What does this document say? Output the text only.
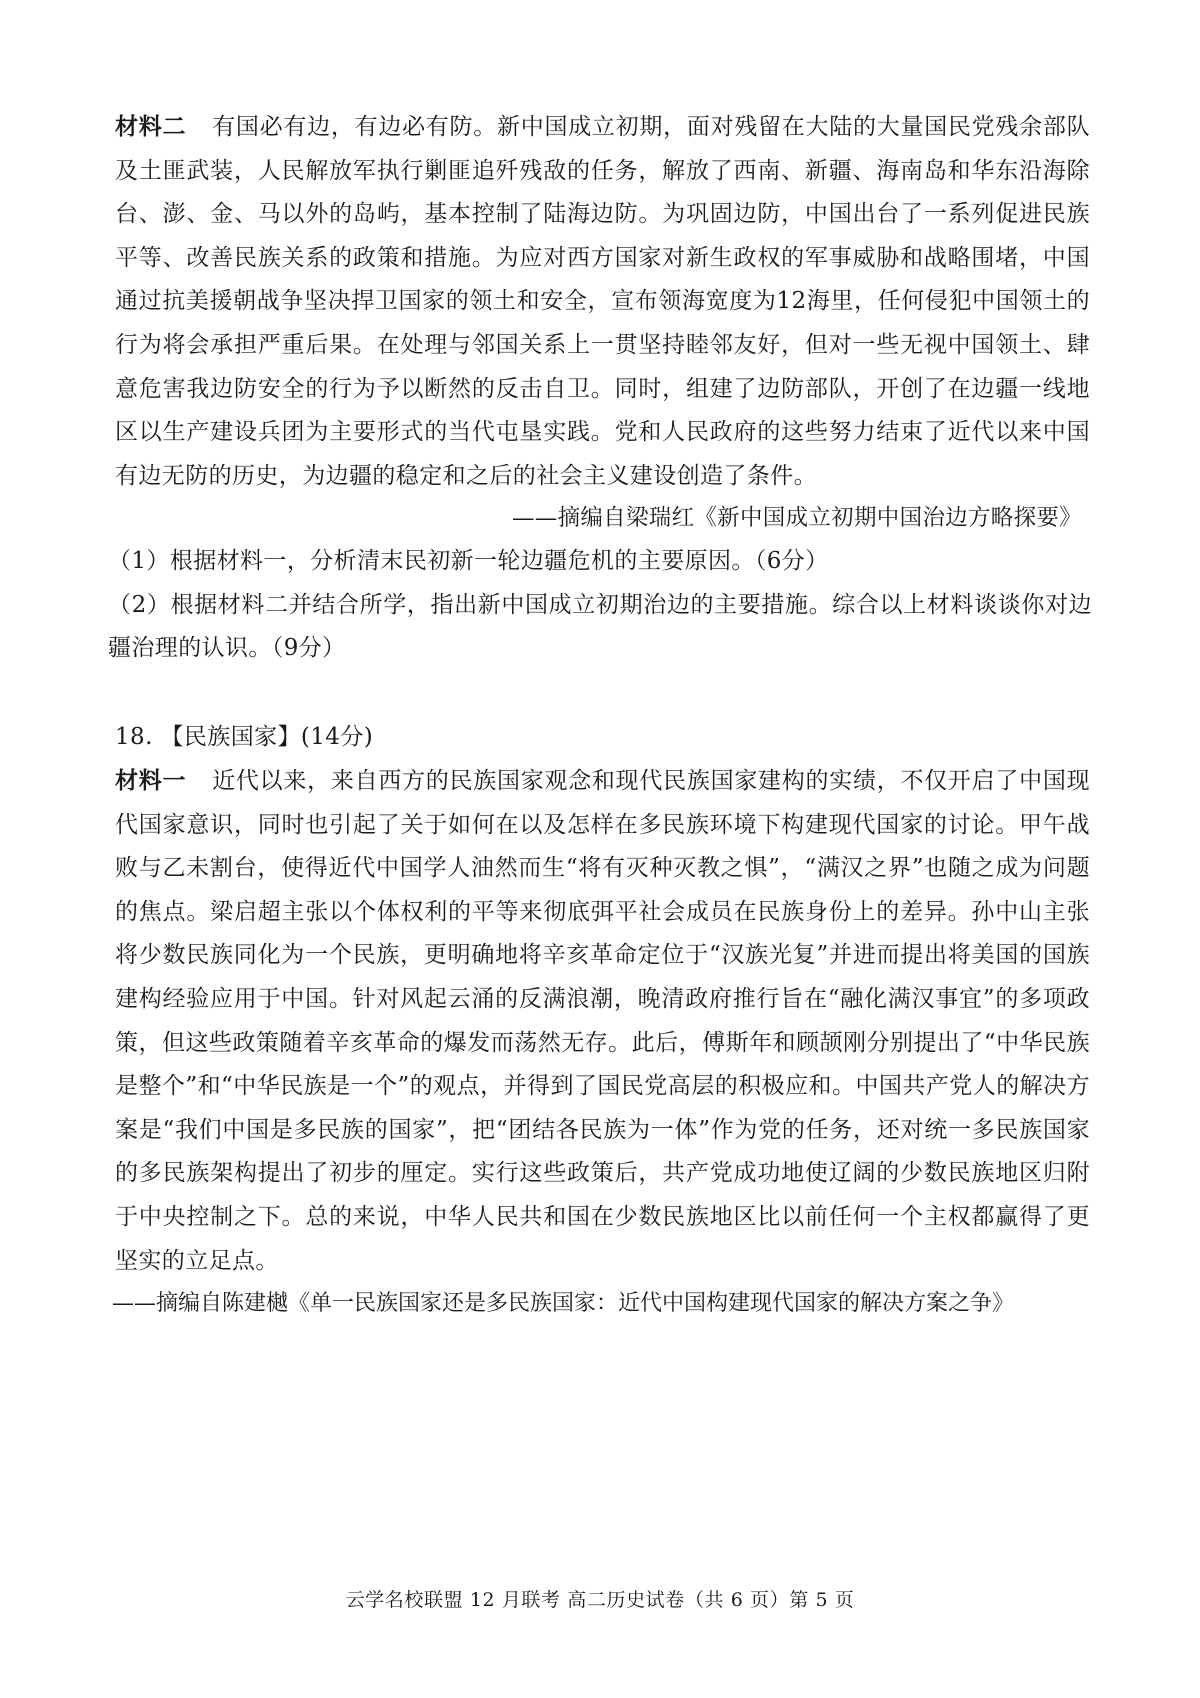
材料二 有国必有边，有边必有防。新中国成立初期，面对残留在大陆的大量国民党残余部队及土匪武装，人民解放军执行剿匪追歼残敌的任务，解放了西南、新疆、海南岛和华东沿海除台、澎、金、马以外的岛屿，基本控制了陆海边防。为巩固边防，中国出台了一系列促进民族平等、改善民族关系的政策和措施。为应对西方国家对新生政权的军事威胁和战略围堵，中国通过抗美援朝战争坚决捍卫国家的领土和安全，宣布领海宽度为12海里，任何侵犯中国领土的行为将会承担严重后果。在处理与邻国关系上一贯坚持睦邻友好，但对一些无视中国领土、肆意危害我边防安全的行为予以断然的反击自卫。同时，组建了边防部队，开创了在边疆一线地区以生产建设兵团为主要形式的当代屯垦实践。党和人民政府的这些努力结束了近代以来中国有边无防的历史，为边疆的稳定和之后的社会主义建设创造了条件。

——摘编自梁瑞红《新中国成立初期中国治边方略探要》

（1）根据材料一，分析清末民初新一轮边疆危机的主要原因。（6分）

（2）根据材料二并结合所学，指出新中国成立初期治边的主要措施。综合以上材料谈谈你对边疆治理的认识。（9分）

18. 【民族国家】(14分)

材料一 近代以来，来自西方的民族国家观念和现代民族国家建构的实绩，不仅开启了中国现代国家意识，同时也引起了关于如何在以及怎样在多民族环境下构建现代国家的讨论。甲午战败与乙未割台，使得近代中国学人油然而生“将有灭种灭教之惧”，“满汉之界”也随之成为问题的焦点。梁启超主张以个体权利的平等来彻底弭平社会成员在民族身份上的差异。孙中山主张将少数民族同化为一个民族，更明确地将辛亥革命定位于“汉族光复”并进而提出将美国的国族建构经验应用于中国。针对风起云涌的反满浪潮，晚清政府推行旨在“融化满汉事宜”的多项政策，但这些政策随着辛亥革命的爆发而荡然无存。此后，傅斯年和顾颉刚分别提出了“中华民族是整个”和“中华民族是一个”的观点，并得到了国民党高层的积极应和。中国共产党人的解决方案是“我们中国是多民族的国家”，把“团结各民族为一体”作为党的任务，还对统一多民族国家的多民族架构提出了初步的厘定。实行这些政策后，共产党成功地使辽阔的少数民族地区归附于中央控制之下。总的来说，中华人民共和国在少数民族地区比以前任何一个主权都赢得了更坚实的立足点。

——摘编自陈建樾《单一民族国家还是多民族国家：近代中国构建现代国家的解决方案之争》
云学名校联盟 12 月联考 高二历史试卷（共 6 页）第 5 页
